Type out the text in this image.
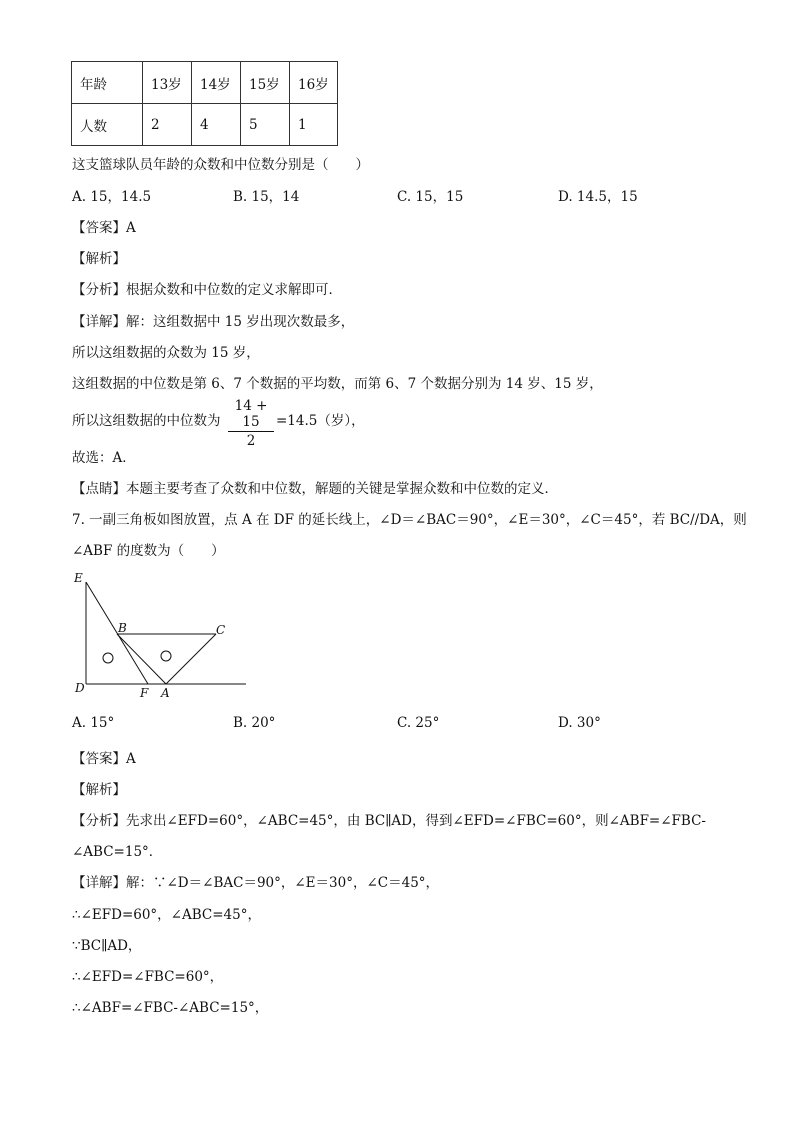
年龄	13岁	14岁	15岁	16岁
人数	2	4	5	1
这支篮球队员年龄的众数和中位数分别是（　　）
A. 15，14.5	B. 15，14	C. 15，15	D. 14.5，15
【答案】A
【解析】
【分析】根据众数和中位数的定义求解即可．
【详解】解：这组数据中 15 岁出现次数最多，
所以这组数据的众数为 15 岁，
这组数据的中位数是第 6、7 个数据的平均数，而第 6、7 个数据分别为 14 岁、15 岁，
所以这组数据的中位数为
14 + 15
2
=14.5（岁），
故选：A．
【点睛】本题主要考查了众数和中位数，解题的关键是掌握众数和中位数的定义．
7. 一副三角板如图放置，点 A 在 DF 的延长线上，∠D＝∠BAC＝90°，∠E＝30°，∠C＝45°，若 BC//DA，则
∠ABF 的度数为（　　）
E
B	C
D	F A
A. 15°	B. 20°	C. 25°	D. 30°
【答案】A
【解析】
【分析】先求出∠EFD=60°，∠ABC=45°，由 BC∥AD，得到∠EFD=∠FBC=60°，则∠ABF=∠FBC-
∠ABC=15°．
【详解】解：∵∠D＝∠BAC＝90°，∠E＝30°，∠C＝45°，
∴∠EFD=60°，∠ABC=45°，
∵BC∥AD，
∴∠EFD=∠FBC=60°，
∴∠ABF=∠FBC-∠ABC=15°，
